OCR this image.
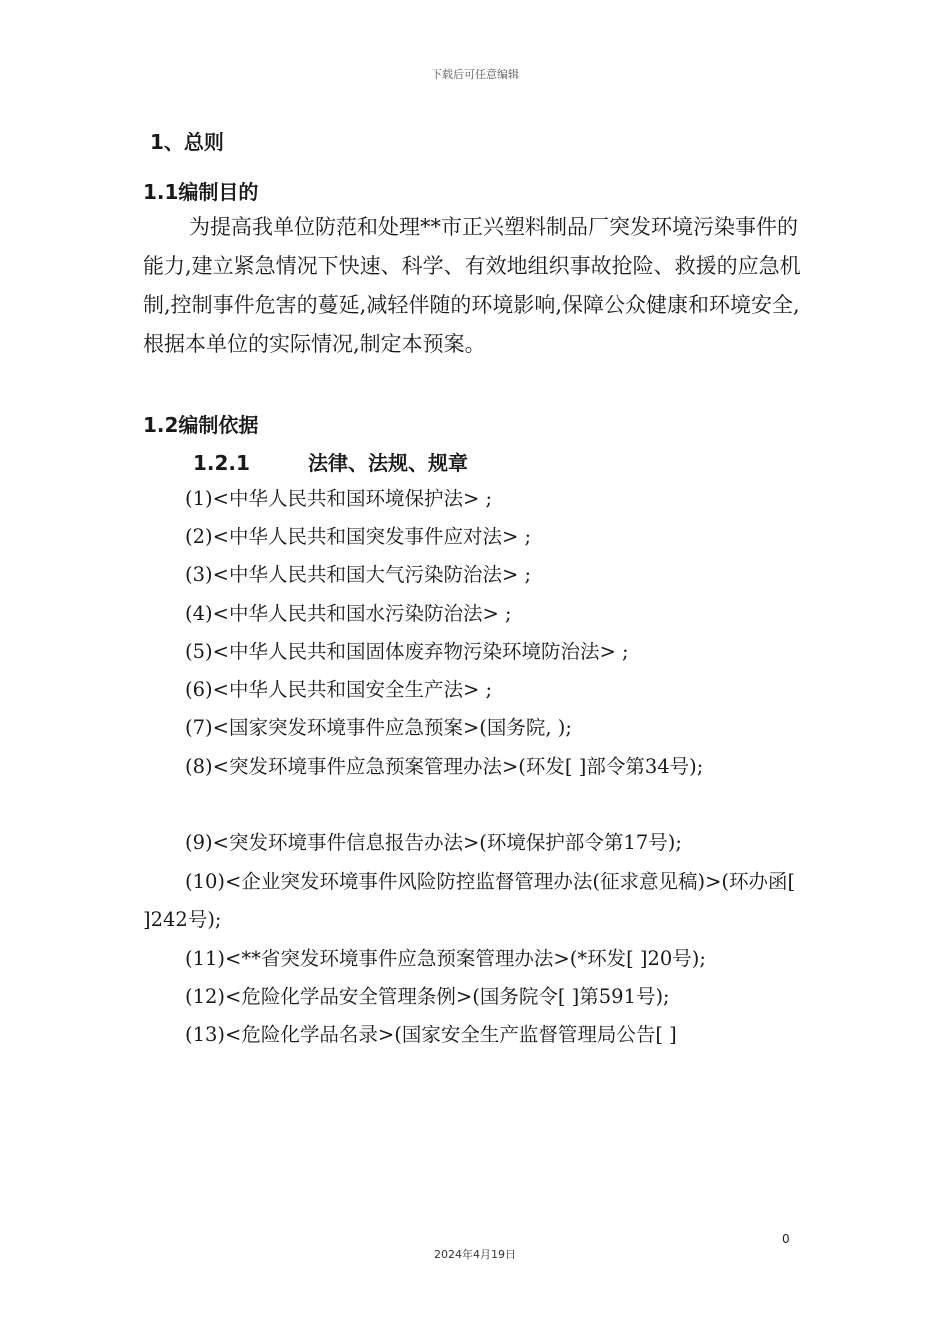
下载后可任意编辑
1、总则
1.1编制目的
为提高我单位防范和处理**市正兴塑料制品厂突发环境污染事件的能力,建立紧急情况下快速、科学、有效地组织事故抢险、救援的应急机制,控制事件危害的蔓延,减轻伴随的环境影响,保障公众健康和环境安全,根据本单位的实际情况,制定本预案。
1.2编制依据
1.2.1	法律、法规、规章
(1)<中华人民共和国环境保护法> ;
(2)<中华人民共和国突发事件应对法> ;
(3)<中华人民共和国大气污染防治法> ;
(4)<中华人民共和国水污染防治法> ;
(5)<中华人民共和国固体废弃物污染环境防治法> ;
(6)<中华人民共和国安全生产法> ;
(7)<国家突发环境事件应急预案>(国务院, );
(8)<突发环境事件应急预案管理办法>(环发[ ]部令第34号);
(9)<突发环境事件信息报告办法>(环境保护部令第17号);
(10)<企业突发环境事件风险防控监督管理办法(征求意见稿)>(环办函[ ]242号);
(11)<**省突发环境事件应急预案管理办法>(*环发[ ]20号);
(12)<危险化学品安全管理条例>(国务院令[ ]第591号);
(13)<危险化学品名录>(国家安全生产监督管理局公告[ ]
0
2024年4月19日
